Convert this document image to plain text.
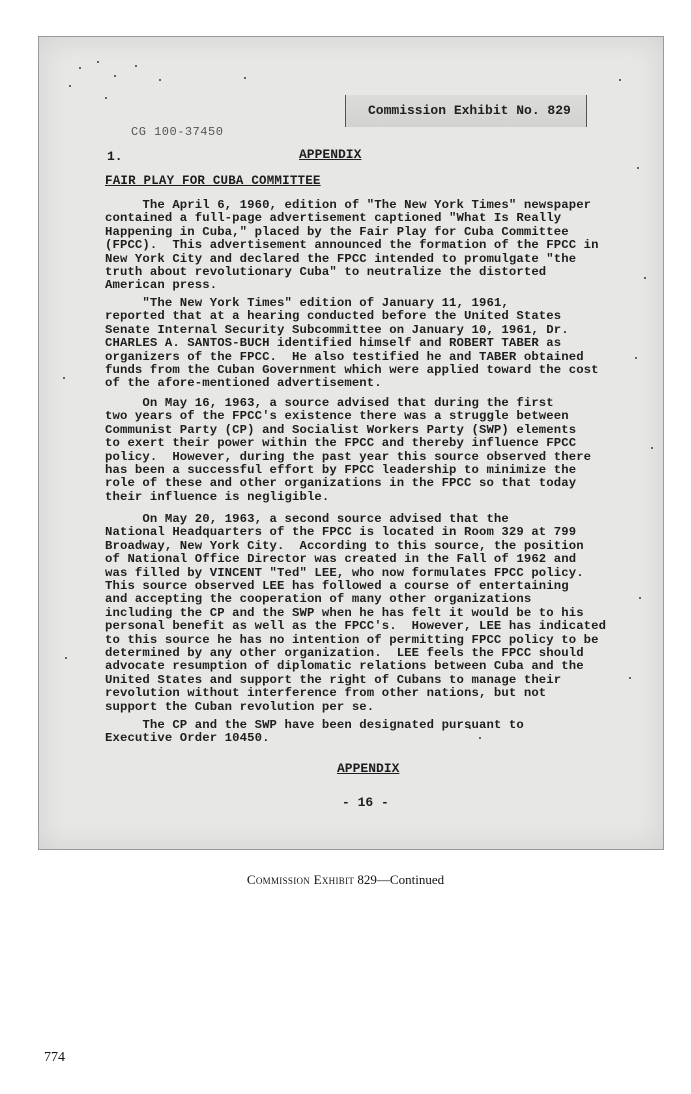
Commission Exhibit No. 829
CG 100-37450
1.	APPENDIX
FAIR PLAY FOR CUBA COMMITTEE
The April 6, 1960, edition of "The New York Times" newspaper
contained a full-page advertisement captioned "What Is Really
Happening in Cuba," placed by the Fair Play for Cuba Committee
(FPCC).  This advertisement announced the formation of the FPCC in
New York City and declared the FPCC intended to promulgate "the
truth about revolutionary Cuba" to neutralize the distorted
American press.
"The New York Times" edition of January 11, 1961,
reported that at a hearing conducted before the United States
Senate Internal Security Subcommittee on January 10, 1961, Dr.
CHARLES A. SANTOS-BUCH identified himself and ROBERT TABER as
organizers of the FPCC.  He also testified he and TABER obtained
funds from the Cuban Government which were applied toward the cost
of the afore-mentioned advertisement.
On May 16, 1963, a source advised that during the first
two years of the FPCC's existence there was a struggle between
Communist Party (CP) and Socialist Workers Party (SWP) elements
to exert their power within the FPCC and thereby influence FPCC
policy.  However, during the past year this source observed there
has been a successful effort by FPCC leadership to minimize the
role of these and other organizations in the FPCC so that today
their influence is negligible.
On May 20, 1963, a second source advised that the
National Headquarters of the FPCC is located in Room 329 at 799
Broadway, New York City.  According to this source, the position
of National Office Director was created in the Fall of 1962 and
was filled by VINCENT "Ted" LEE, who now formulates FPCC policy.
This source observed LEE has followed a course of entertaining
and accepting the cooperation of many other organizations
including the CP and the SWP when he has felt it would be to his
personal benefit as well as the FPCC's.  However, LEE has indicated
to this source he has no intention of permitting FPCC policy to be
determined by any other organization.  LEE feels the FPCC should
advocate resumption of diplomatic relations between Cuba and the
United States and support the right of Cubans to manage their
revolution without interference from other nations, but not
support the Cuban revolution per se.
The CP and the SWP have been designated pursuant to
Executive Order 10450.
APPENDIX
- 16 -
Commission Exhibit 829—Continued
774
